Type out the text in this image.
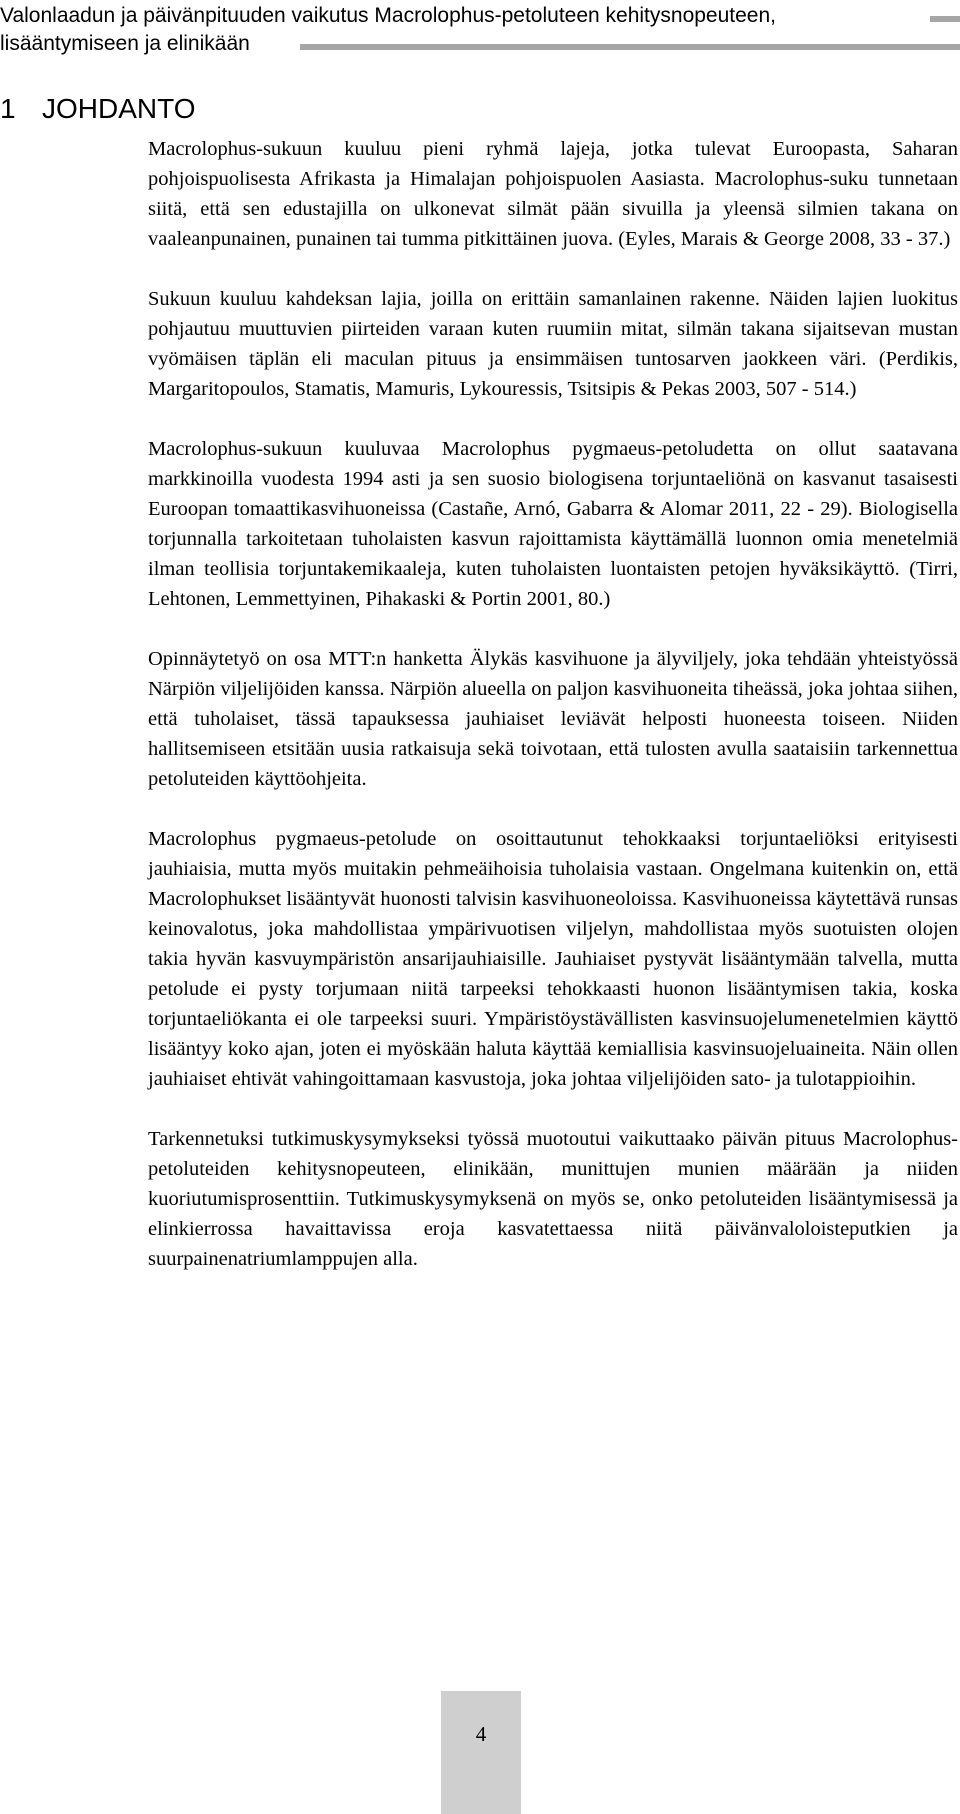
Valonlaadun ja päivänpituuden vaikutus Macrolophus-petoluteen kehitysnopeuteen,
lisääntymiseen ja elinikään
1 JOHDANTO

Macrolophus-sukuun kuuluu pieni ryhmä lajeja, jotka tulevat Euroopasta, Saharan pohjoispuolisesta Afrikasta ja Himalajan pohjoispuolen Aasiasta. Macrolophus-suku tunnetaan siitä, että sen edustajilla on ulkonevat silmät pään sivuilla ja yleensä silmien takana on vaaleanpunainen, punainen tai tumma pitkittäinen juova. (Eyles, Marais & George 2008, 33 - 37.)

Sukuun kuuluu kahdeksan lajia, joilla on erittäin samanlainen rakenne. Näiden lajien luokitus pohjautuu muuttuvien piirteiden varaan kuten ruumiin mitat, silmän takana sijaitsevan mustan vyömäisen täplän eli maculan pituus ja ensimmäisen tuntosarven jaokkeen väri. (Perdikis, Margaritopoulos, Stamatis, Mamuris, Lykouressis, Tsitsipis & Pekas 2003, 507 - 514.)

Macrolophus-sukuun kuuluvaa Macrolophus pygmaeus-petoludetta on ollut saatavana markkinoilla vuodesta 1994 asti ja sen suosio biologisena torjuntaeliönä on kasvanut tasaisesti Euroopan tomaattikasvihuoneissa (Castañe, Arnó, Gabarra & Alomar 2011, 22 - 29). Biologisella torjunnalla tarkoitetaan tuholaisten kasvun rajoittamista käyttämällä luonnon omia menetelmiä ilman teollisia torjuntakemikaaleja, kuten tuholaisten luontaisten petojen hyväksikäyttö. (Tirri, Lehtonen, Lemmettyinen, Pihakaski & Portin 2001, 80.)

Opinnäytetyö on osa MTT:n hanketta Älykäs kasvihuone ja älyviljely, joka tehdään yhteistyössä Närpiön viljelijöiden kanssa. Närpiön alueella on paljon kasvihuoneita tiheässä, joka johtaa siihen, että tuholaiset, tässä tapauksessa jauhiaiset leviävät helposti huoneesta toiseen. Niiden hallitsemiseen etsitään uusia ratkaisuja sekä toivotaan, että tulosten avulla saataisiin tarkennettua petoluteiden käyttöohjeita.

Macrolophus pygmaeus-petolude on osoittautunut tehokkaaksi torjuntaeliöksi erityisesti jauhiaisia, mutta myös muitakin pehmeäihoisia tuholaisia vastaan. Ongelmana kuitenkin on, että Macrolophukset lisääntyvät huonosti talvisin kasvihuoneoloissa. Kasvihuoneissa käytettävä runsas keinovalotus, joka mahdollistaa ympärivuotisen viljelyn, mahdollistaa myös suotuisten olojen takia hyvän kasvuympäristön ansarijauhiaisille. Jauhiaiset pystyvät lisääntymään talvella, mutta petolude ei pysty torjumaan niitä tarpeeksi tehokkaasti huonon lisääntymisen takia, koska torjuntaeliökanta ei ole tarpeeksi suuri. Ympäristöystävällisten kasvinsuojelumenetelmien käyttö lisääntyy koko ajan, joten ei myöskään haluta käyttää kemiallisia kasvinsuojeluaineita. Näin ollen jauhiaiset ehtivät vahingoittamaan kasvustoja, joka johtaa viljelijöiden sato- ja tulotappioihin.

Tarkennetuksi tutkimuskysymykseksi työssä muotoutui vaikuttaako päivän pituus Macrolophus-petoluteiden kehitysnopeuteen, elinikään, munittujen munien määrään ja niiden kuoriutumisprosenttiin. Tutkimuskysymyksenä on myös se, onko petoluteiden lisääntymisessä ja elinkierrossa havaittavissa eroja kasvatettaessa niitä päivänvaloloisteputkien ja suurpainenatriumlamppujen alla.

4
